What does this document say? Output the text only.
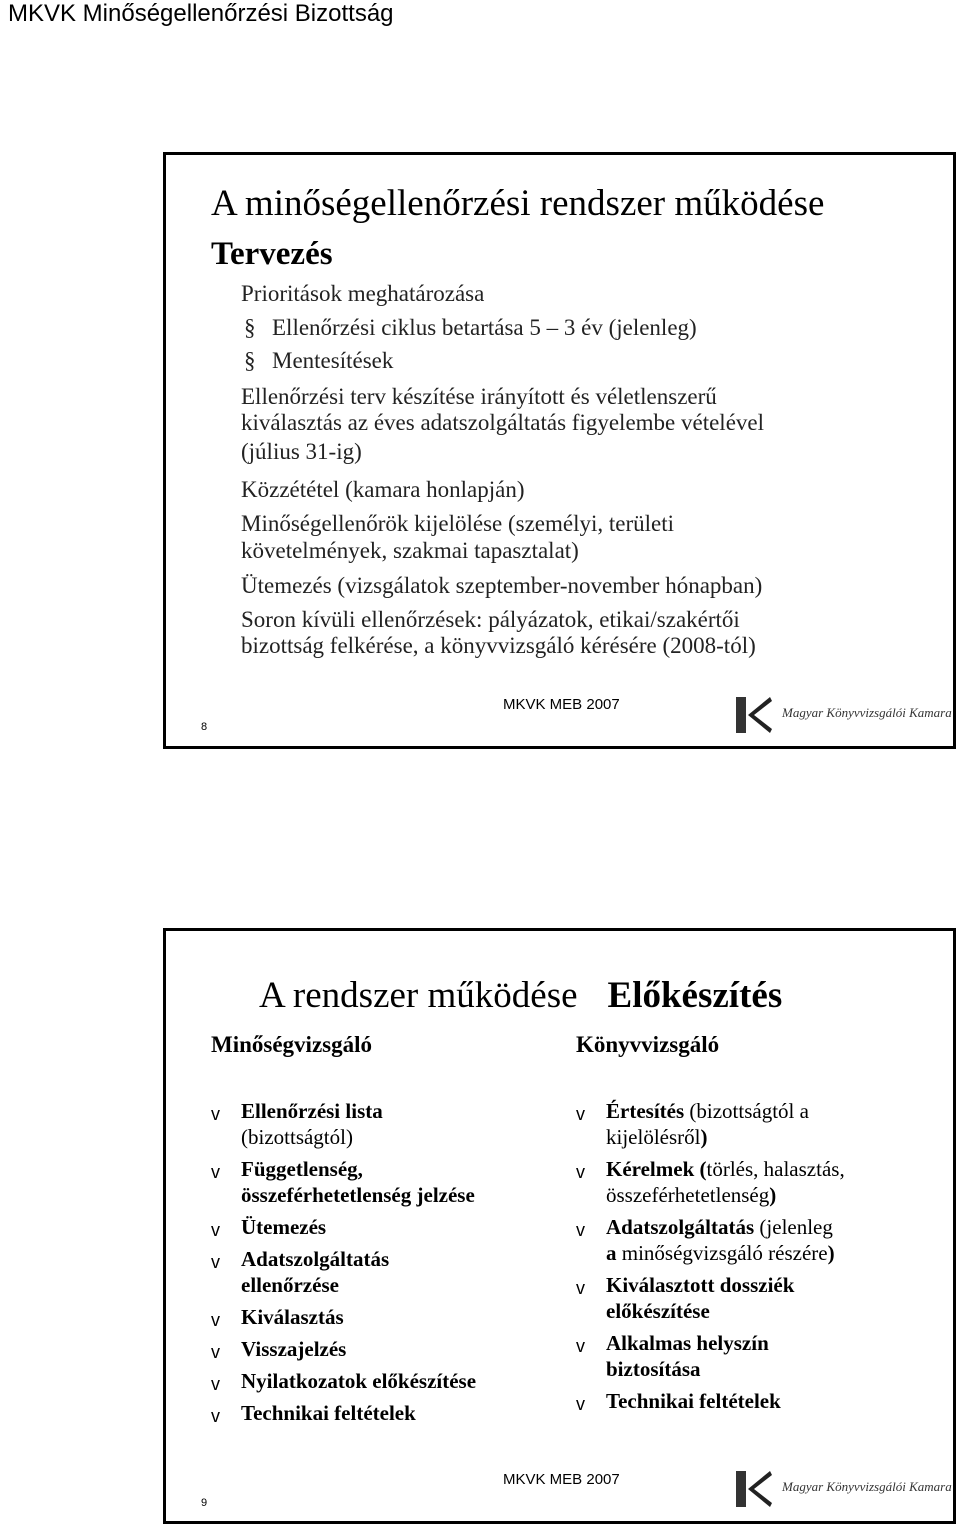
MKVK Minőségellenőrzési Bizottság
A minőségellenőrzési rendszer működése
Tervezés
Prioritások meghatározása
§ Ellenőrzési ciklus betartása 5 – 3 év (jelenleg)
§ Mentesítések
Ellenőrzési terv készítése irányított és véletlenszerű
kiválasztás az éves adatszolgáltatás figyelembe vételével
(július 31-ig)
Közzététel (kamara honlapján)
Minőségellenőrök kijelölése (személyi, területi
követelmények, szakmai tapasztalat)
Ütemezés (vizsgálatok szeptember-november hónapban)
Soron kívüli ellenőrzések: pályázatok, etikai/szakértői
bizottság felkérése, a könyvvizsgáló kérésére (2008-tól)
8
MKVK MEB 2007	Magyar Könyvvizsgálói Kamara
A rendszer működése Előkészítés
Minőségvizsgáló	Könyvvizsgáló
v Ellenőrzési lista
(bizottságtól)
v Függetlenség,
összeférhetetlenség jelzése
v Ütemezés
v Adatszolgáltatás
ellenőrzése
v Kiválasztás
v Visszajelzés
v Nyilatkozatok előkészítése
v Technikai feltételek
v Értesítés (bizottságtól a
kijelölésről)
v Kérelmek (törlés, halasztás,
összeférhetetlenség)
v Adatszolgáltatás (jelenleg
a minőségvizsgáló részére)
v Kiválasztott dossziék
előkészítése
v Alkalmas helyszín
biztosítása
v Technikai feltételek
9
MKVK MEB 2007	Magyar Könyvvizsgálói Kamara
